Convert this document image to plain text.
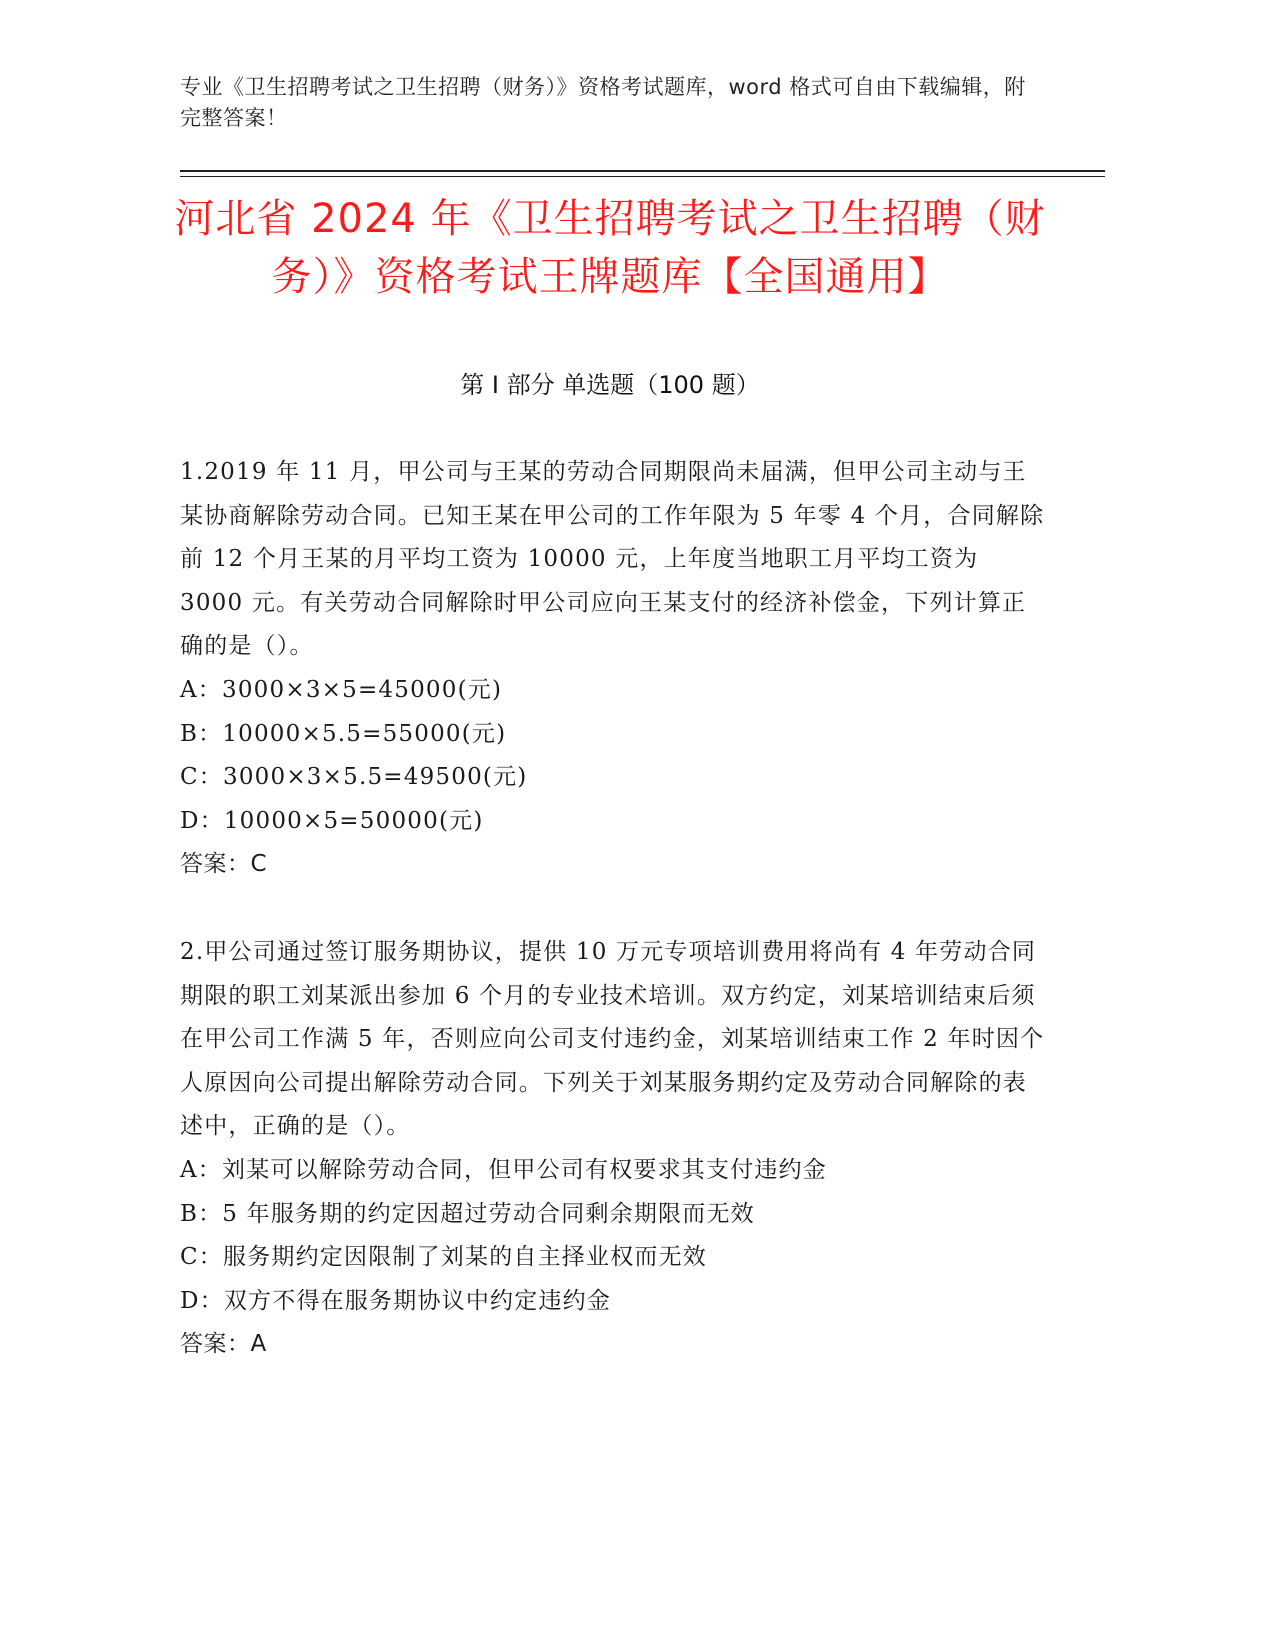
专业《卫生招聘考试之卫生招聘（财务）》资格考试题库，word 格式可自由下载编辑，附完整答案！
河北省 2024 年《卫生招聘考试之卫生招聘（财务）》资格考试王牌题库【全国通用】
第 I 部分 单选题（100 题）

1.2019 年 11 月，甲公司与王某的劳动合同期限尚未届满，但甲公司主动与王某协商解除劳动合同。已知王某在甲公司的工作年限为 5 年零 4 个月，合同解除前 12 个月王某的月平均工资为 10000 元，上年度当地职工月平均工资为 3000 元。有关劳动合同解除时甲公司应向王某支付的经济补偿金，下列计算正确的是（）。

A：3000×3×5=45000(元)

B：10000×5.5=55000(元)

C：3000×3×5.5=49500(元)

D：10000×5=50000(元)

答案：C

2.甲公司通过签订服务期协议，提供 10 万元专项培训费用将尚有 4 年劳动合同期限的职工刘某派出参加 6 个月的专业技术培训。双方约定，刘某培训结束后须在甲公司工作满 5 年，否则应向公司支付违约金，刘某培训结束工作 2 年时因个人原因向公司提出解除劳动合同。下列关于刘某服务期约定及劳动合同解除的表述中，正确的是（）。

A：刘某可以解除劳动合同，但甲公司有权要求其支付违约金

B：5 年服务期的约定因超过劳动合同剩余期限而无效

C：服务期约定因限制了刘某的自主择业权而无效

D：双方不得在服务期协议中约定违约金

答案：A
